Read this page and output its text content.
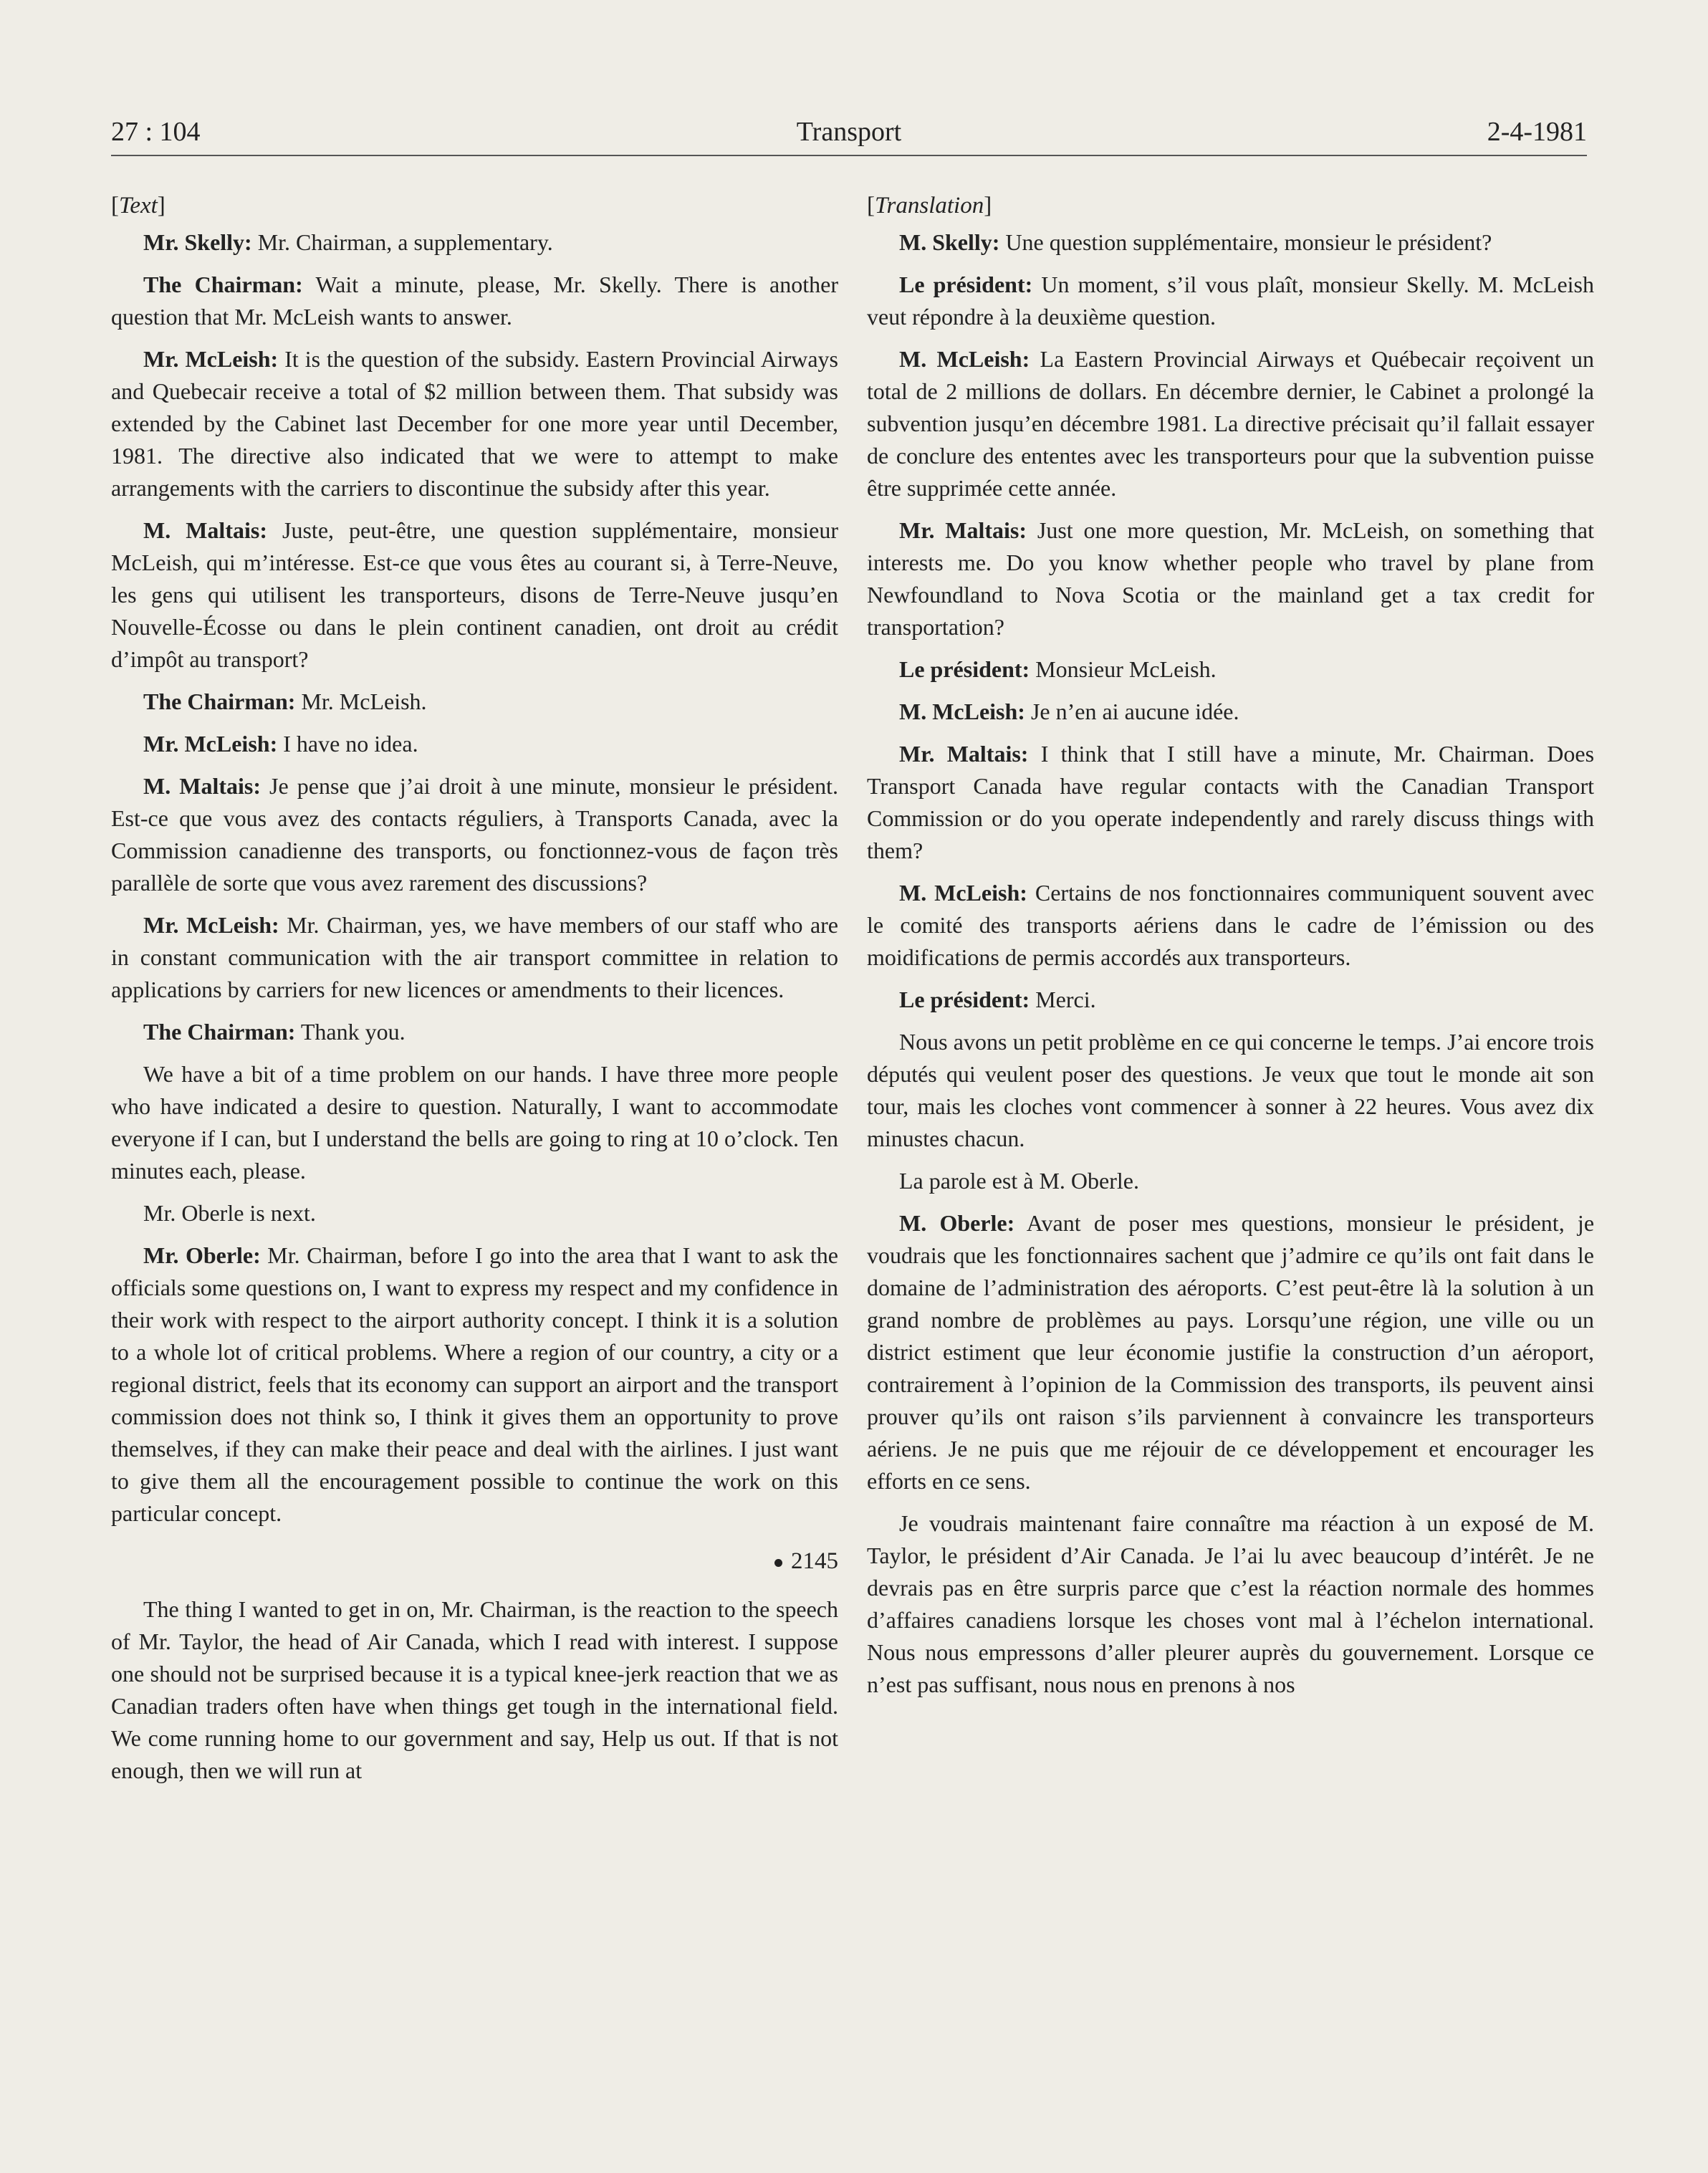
27 : 104	Transport	2-4-1981
[Text]

Mr. Skelly: Mr. Chairman, a supplementary.

The Chairman: Wait a minute, please, Mr. Skelly. There is another question that Mr. McLeish wants to answer.

Mr. McLeish: It is the question of the subsidy. Eastern Provincial Airways and Quebecair receive a total of $2 million between them. That subsidy was extended by the Cabinet last December for one more year until December, 1981. The directive also indicated that we were to attempt to make arrangements with the carriers to discontinue the subsidy after this year.

M. Maltais: Juste, peut-être, une question supplémentaire, monsieur McLeish, qui m’intéresse. Est-ce que vous êtes au courant si, à Terre-Neuve, les gens qui utilisent les transporteurs, disons de Terre-Neuve jusqu’en Nouvelle-Écosse ou dans le plein continent canadien, ont droit au crédit d’impôt au transport?

The Chairman: Mr. McLeish.

Mr. McLeish: I have no idea.

M. Maltais: Je pense que j’ai droit à une minute, monsieur le président. Est-ce que vous avez des contacts réguliers, à Transports Canada, avec la Commission canadienne des transports, ou fonctionnez-vous de façon très parallèle de sorte que vous avez rarement des discussions?

Mr. McLeish: Mr. Chairman, yes, we have members of our staff who are in constant communication with the air transport committee in relation to applications by carriers for new licences or amendments to their licences.

The Chairman: Thank you.

We have a bit of a time problem on our hands. I have three more people who have indicated a desire to question. Naturally, I want to accommodate everyone if I can, but I understand the bells are going to ring at 10 o’clock. Ten minutes each, please.

Mr. Oberle is next.

Mr. Oberle: Mr. Chairman, before I go into the area that I want to ask the officials some questions on, I want to express my respect and my confidence in their work with respect to the airport authority concept. I think it is a solution to a whole lot of critical problems. Where a region of our country, a city or a regional district, feels that its economy can support an airport and the transport commission does not think so, I think it gives them an opportunity to prove themselves, if they can make their peace and deal with the airlines. I just want to give them all the encouragement possible to continue the work on this particular concept.

2145

The thing I wanted to get in on, Mr. Chairman, is the reaction to the speech of Mr. Taylor, the head of Air Canada, which I read with interest. I suppose one should not be surprised because it is a typical knee-jerk reaction that we as Canadian traders often have when things get tough in the international field. We come running home to our government and say, Help us out. If that is not enough, then we will run at

[Translation]

M. Skelly: Une question supplémentaire, monsieur le président?

Le président: Un moment, s’il vous plaît, monsieur Skelly. M. McLeish veut répondre à la deuxième question.

M. McLeish: La Eastern Provincial Airways et Québecair reçoivent un total de 2 millions de dollars. En décembre dernier, le Cabinet a prolongé la subvention jusqu’en décembre 1981. La directive précisait qu’il fallait essayer de conclure des ententes avec les transporteurs pour que la subvention puisse être supprimée cette année.

Mr. Maltais: Just one more question, Mr. McLeish, on something that interests me. Do you know whether people who travel by plane from Newfoundland to Nova Scotia or the mainland get a tax credit for transportation?

Le président: Monsieur McLeish.

M. McLeish: Je n’en ai aucune idée.

Mr. Maltais: I think that I still have a minute, Mr. Chairman. Does Transport Canada have regular contacts with the Canadian Transport Commission or do you operate independently and rarely discuss things with them?

M. McLeish: Certains de nos fonctionnaires communiquent souvent avec le comité des transports aériens dans le cadre de l’émission ou des moidifications de permis accordés aux transporteurs.

Le président: Merci.

Nous avons un petit problème en ce qui concerne le temps. J’ai encore trois députés qui veulent poser des questions. Je veux que tout le monde ait son tour, mais les cloches vont commencer à sonner à 22 heures. Vous avez dix minustes chacun.

La parole est à M. Oberle.

M. Oberle: Avant de poser mes questions, monsieur le président, je voudrais que les fonctionnaires sachent que j’admire ce qu’ils ont fait dans le domaine de l’administration des aéroports. C’est peut-être là la solution à un grand nombre de problèmes au pays. Lorsqu’une région, une ville ou un district estiment que leur économie justifie la construction d’un aéroport, contrairement à l’opinion de la Commission des transports, ils peuvent ainsi prouver qu’ils ont raison s’ils parviennent à convaincre les transporteurs aériens. Je ne puis que me réjouir de ce développement et encourager les efforts en ce sens.

Je voudrais maintenant faire connaître ma réaction à un exposé de M. Taylor, le président d’Air Canada. Je l’ai lu avec beaucoup d’intérêt. Je ne devrais pas en être surpris parce que c’est la réaction normale des hommes d’affaires canadiens lorsque les choses vont mal à l’échelon international. Nous nous empressons d’aller pleurer auprès du gouvernement. Lorsque ce n’est pas suffisant, nous nous en prenons à nos
